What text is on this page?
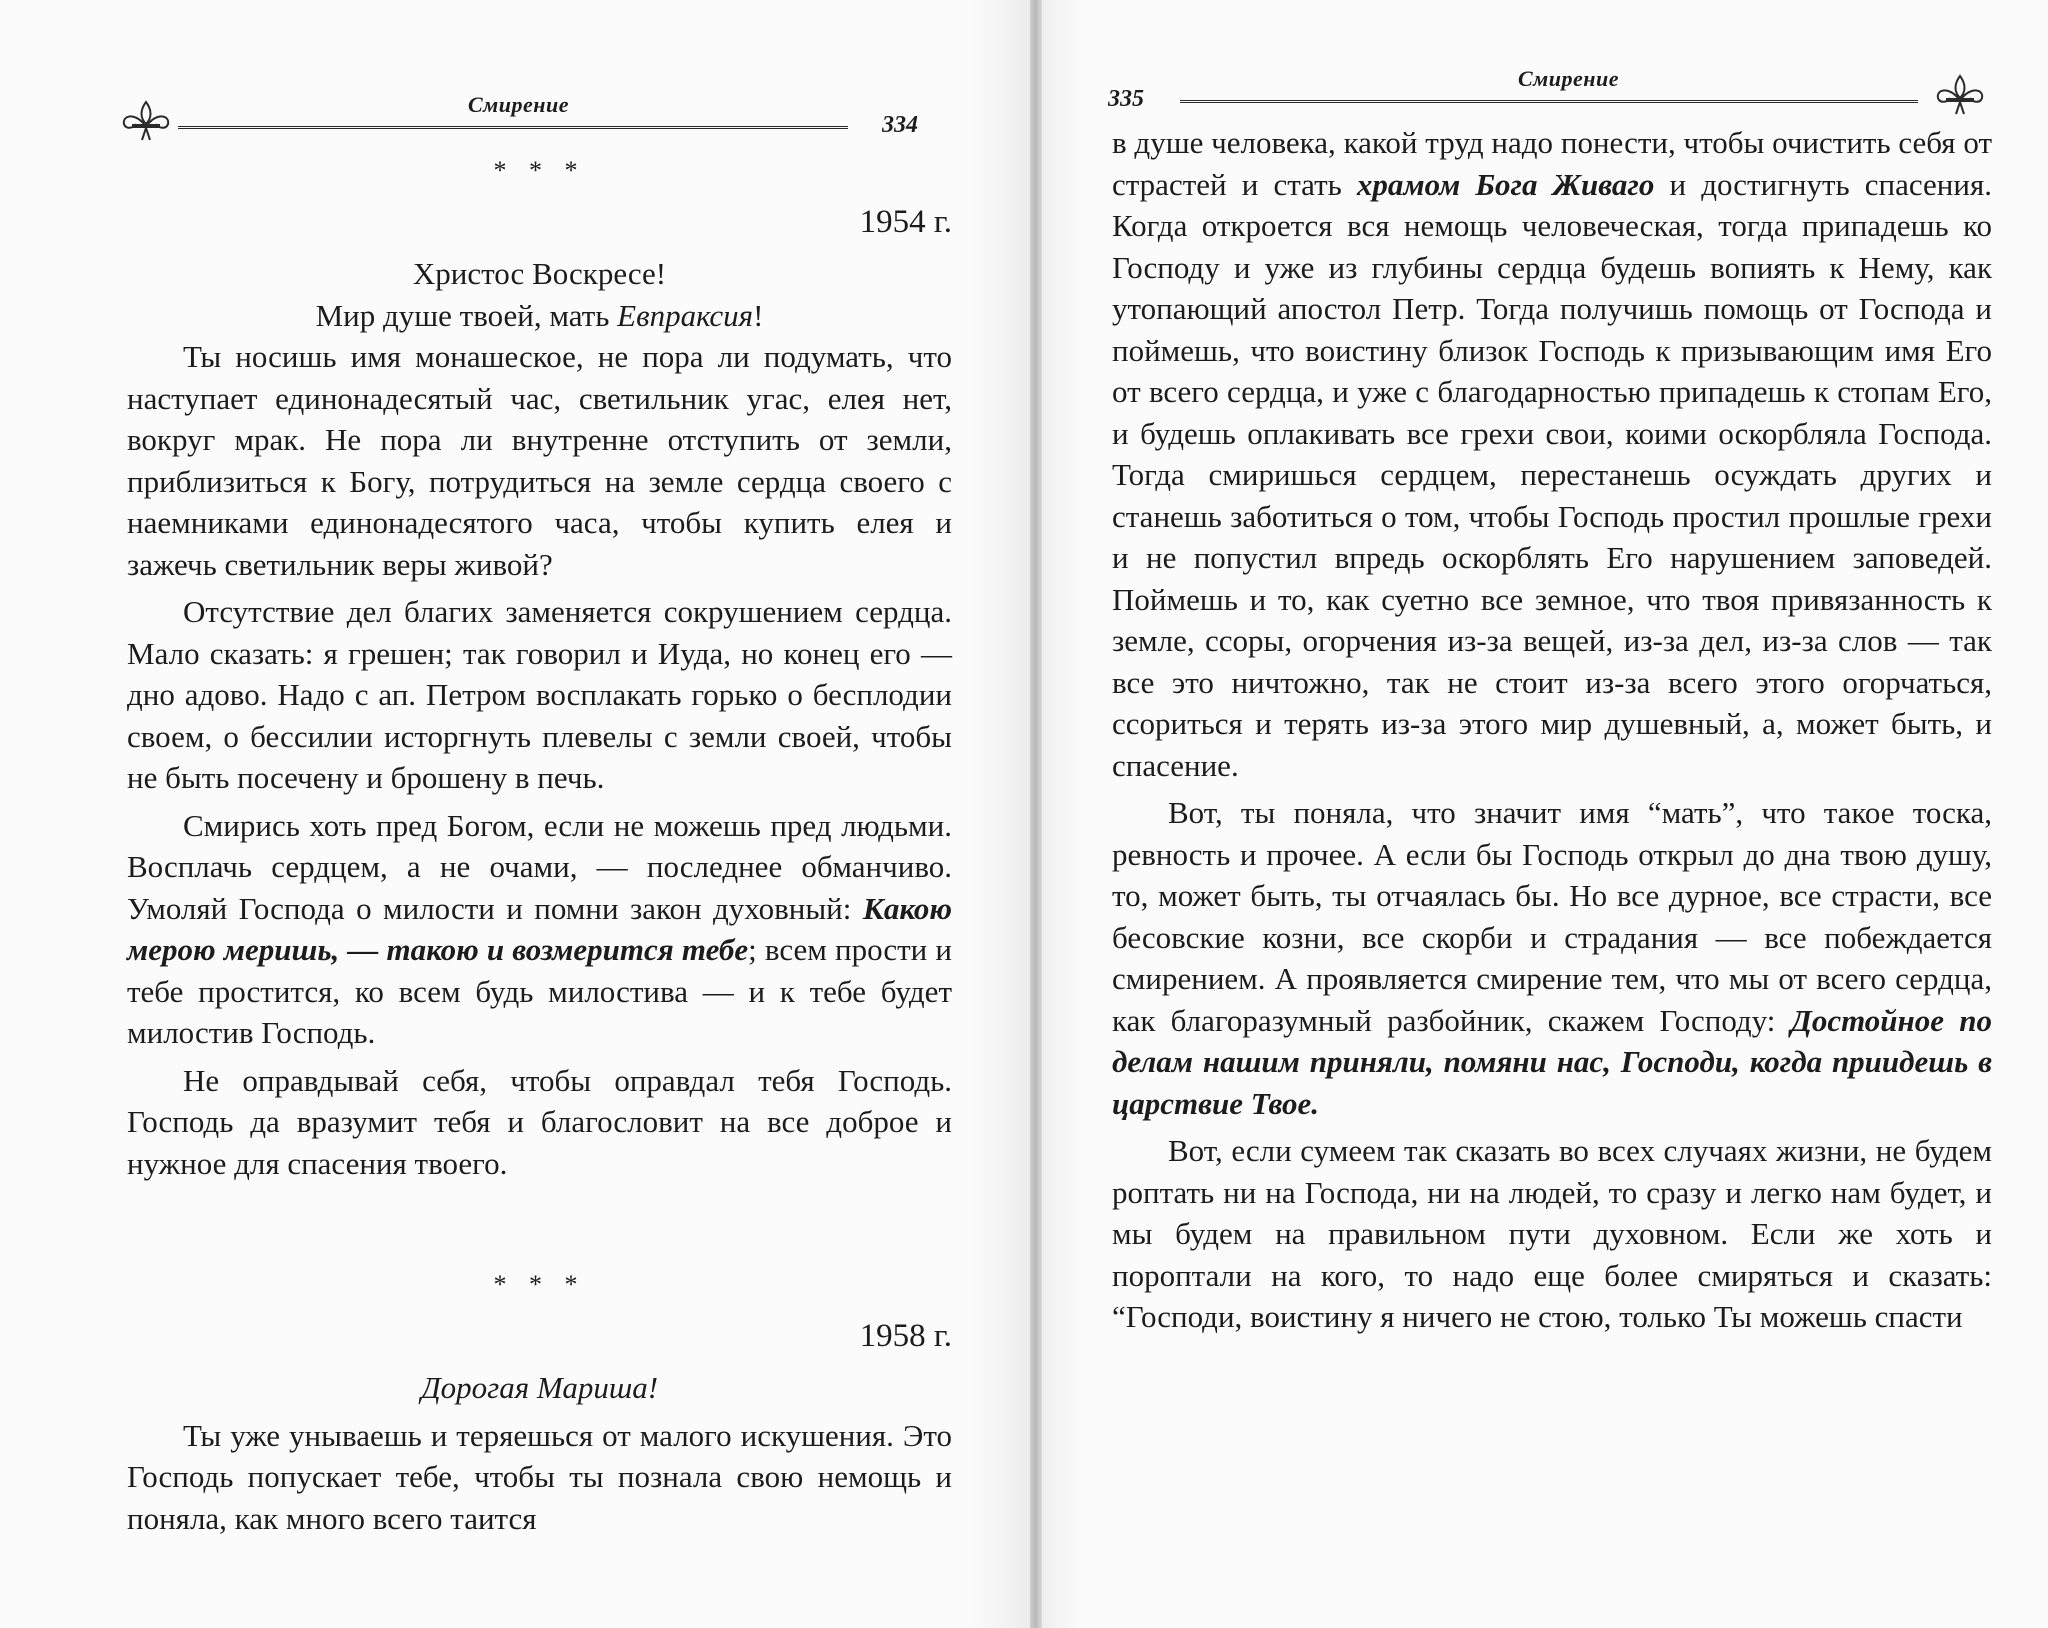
Смирение
334

* * *

1954 г.

Христос Воскресе!

Мир душе твоей, мать Евпраксия!

Ты носишь имя монашеское, не пора ли подумать, что наступает единонадесятый час, светильник угас, елея нет, вокруг мрак. Не пора ли внутренне отступить от земли, приблизиться к Богу, потрудиться на земле сердца своего с наемниками единонадесятого часа, чтобы купить елея и зажечь светильник веры живой?

Отсутствие дел благих заменяется сокрушением сердца. Мало сказать: я грешен; так говорил и Иуда, но конец его — дно адово. Надо с ап. Петром восплакать горько о бесплодии своем, о бессилии исторгнуть плевелы с земли своей, чтобы не быть посечену и брошену в печь.

Смирись хоть пред Богом, если не можешь пред людьми. Восплачь сердцем, а не очами, — последнее обманчиво. Умоляй Господа о милости и помни закон духовный: Какою мерою меришь, — такою и возмерится тебе; всем прости и тебе простится, ко всем будь милостива — и к тебе будет милостив Господь.

Не оправдывай себя, чтобы оправдал тебя Господь. Господь да вразумит тебя и благословит на все доброе и нужное для спасения твоего.

* * *

1958 г.

Дорогая Мариша!

Ты уже унываешь и теряешься от малого искушения. Это Господь попускает тебе, чтобы ты познала свою немощь и поняла, как много всего таится

335
Смирение

в душе человека, какой труд надо понести, чтобы очистить себя от страстей и стать храмом Бога Живаго и достигнуть спасения. Когда откроется вся немощь человеческая, тогда припадешь ко Господу и уже из глубины сердца будешь вопиять к Нему, как утопающий апостол Петр. Тогда получишь помощь от Господа и поймешь, что воистину близок Господь к призывающим имя Его от всего сердца, и уже с благодарностью припадешь к стопам Его, и будешь оплакивать все грехи свои, коими оскорбляла Господа. Тогда смиришься сердцем, перестанешь осуждать других и станешь заботиться о том, чтобы Господь простил прошлые грехи и не попустил впредь оскорблять Его нарушением заповедей. Поймешь и то, как суетно все земное, что твоя привязанность к земле, ссоры, огорчения из-за вещей, из-за дел, из-за слов — так все это ничтожно, так не стоит из-за всего этого огорчаться, ссориться и терять из-за этого мир душевный, а, может быть, и спасение.

Вот, ты поняла, что значит имя “мать”, что такое тоска, ревность и прочее. А если бы Господь открыл до дна твою душу, то, может быть, ты отчаялась бы. Но все дурное, все страсти, все бесовские козни, все скорби и страдания — все побеждается смирением. А проявляется смирение тем, что мы от всего сердца, как благоразумный разбойник, скажем Господу: Достойное по делам нашим приняли, помяни нас, Господи, когда приидешь в царствие Твое.

Вот, если сумеем так сказать во всех случаях жизни, не будем роптать ни на Господа, ни на людей, то сразу и легко нам будет, и мы будем на правильном пути духовном. Если же хоть и пороптали на кого, то надо еще более смиряться и сказать: “Господи, воистину я ничего не стою, только Ты можешь спасти
